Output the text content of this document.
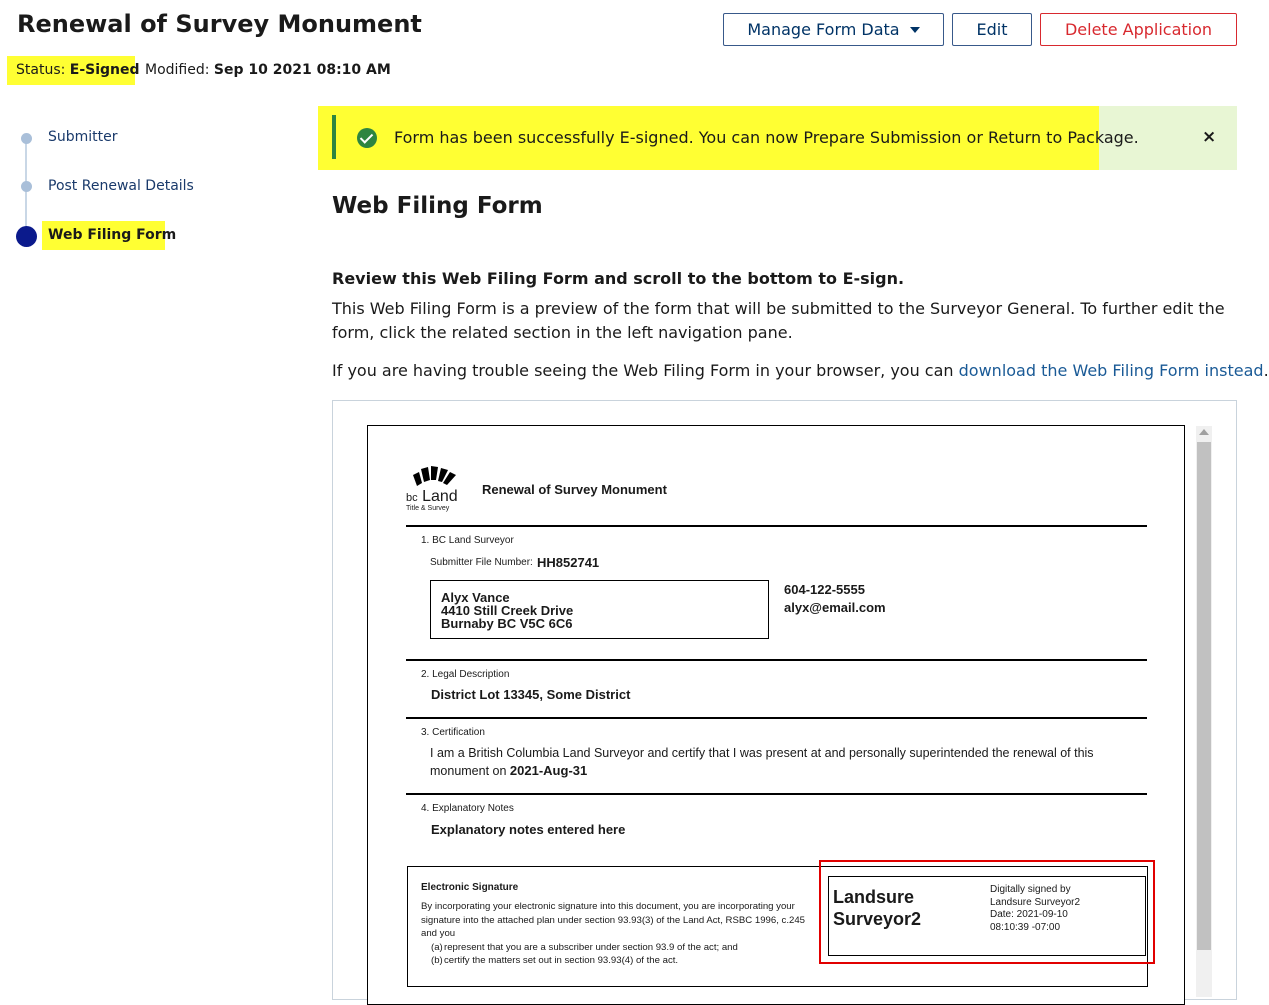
Renewal of Survey Monument
Status: E-Signed Modified: Sep 10 2021 08:10 AM
Manage Form Data	Edit	Delete Application
Submitter
Post Renewal Details
Web Filing Form
Form has been successfully E-signed. You can now Prepare Submission or Return to Package.	×
Web Filing Form
Review this Web Filing Form and scroll to the bottom to E-sign.
This Web Filing Form is a preview of the form that will be submitted to the Surveyor General. To further edit the form, click the related section in the left navigation pane.
If you are having trouble seeing the Web Filing Form in your browser, you can download the Web Filing Form instead.
bc Land
Title & Survey
Renewal of Survey Monument
1. BC Land Surveyor
Submitter File Number: HH852741
Alyx Vance
4410 Still Creek Drive
Burnaby BC V5C 6C6
604-122-5555
alyx@email.com
2. Legal Description
District Lot 13345, Some District
3. Certification
I am a British Columbia Land Surveyor and certify that I was present at and personally superintended the renewal of this monument on 2021-Aug-31
4. Explanatory Notes
Explanatory notes entered here
Electronic Signature
By incorporating your electronic signature into this document, you are incorporating your signature into the attached plan under section 93.93(3) of the Land Act, RSBC 1996, c.245 and you
(a) represent that you are a subscriber under section 93.9 of the act; and
(b) certify the matters set out in section 93.93(4) of the act.
Landsure Surveyor2
Digitally signed by
Landsure Surveyor2
Date: 2021-09-10
08:10:39 -07:00
